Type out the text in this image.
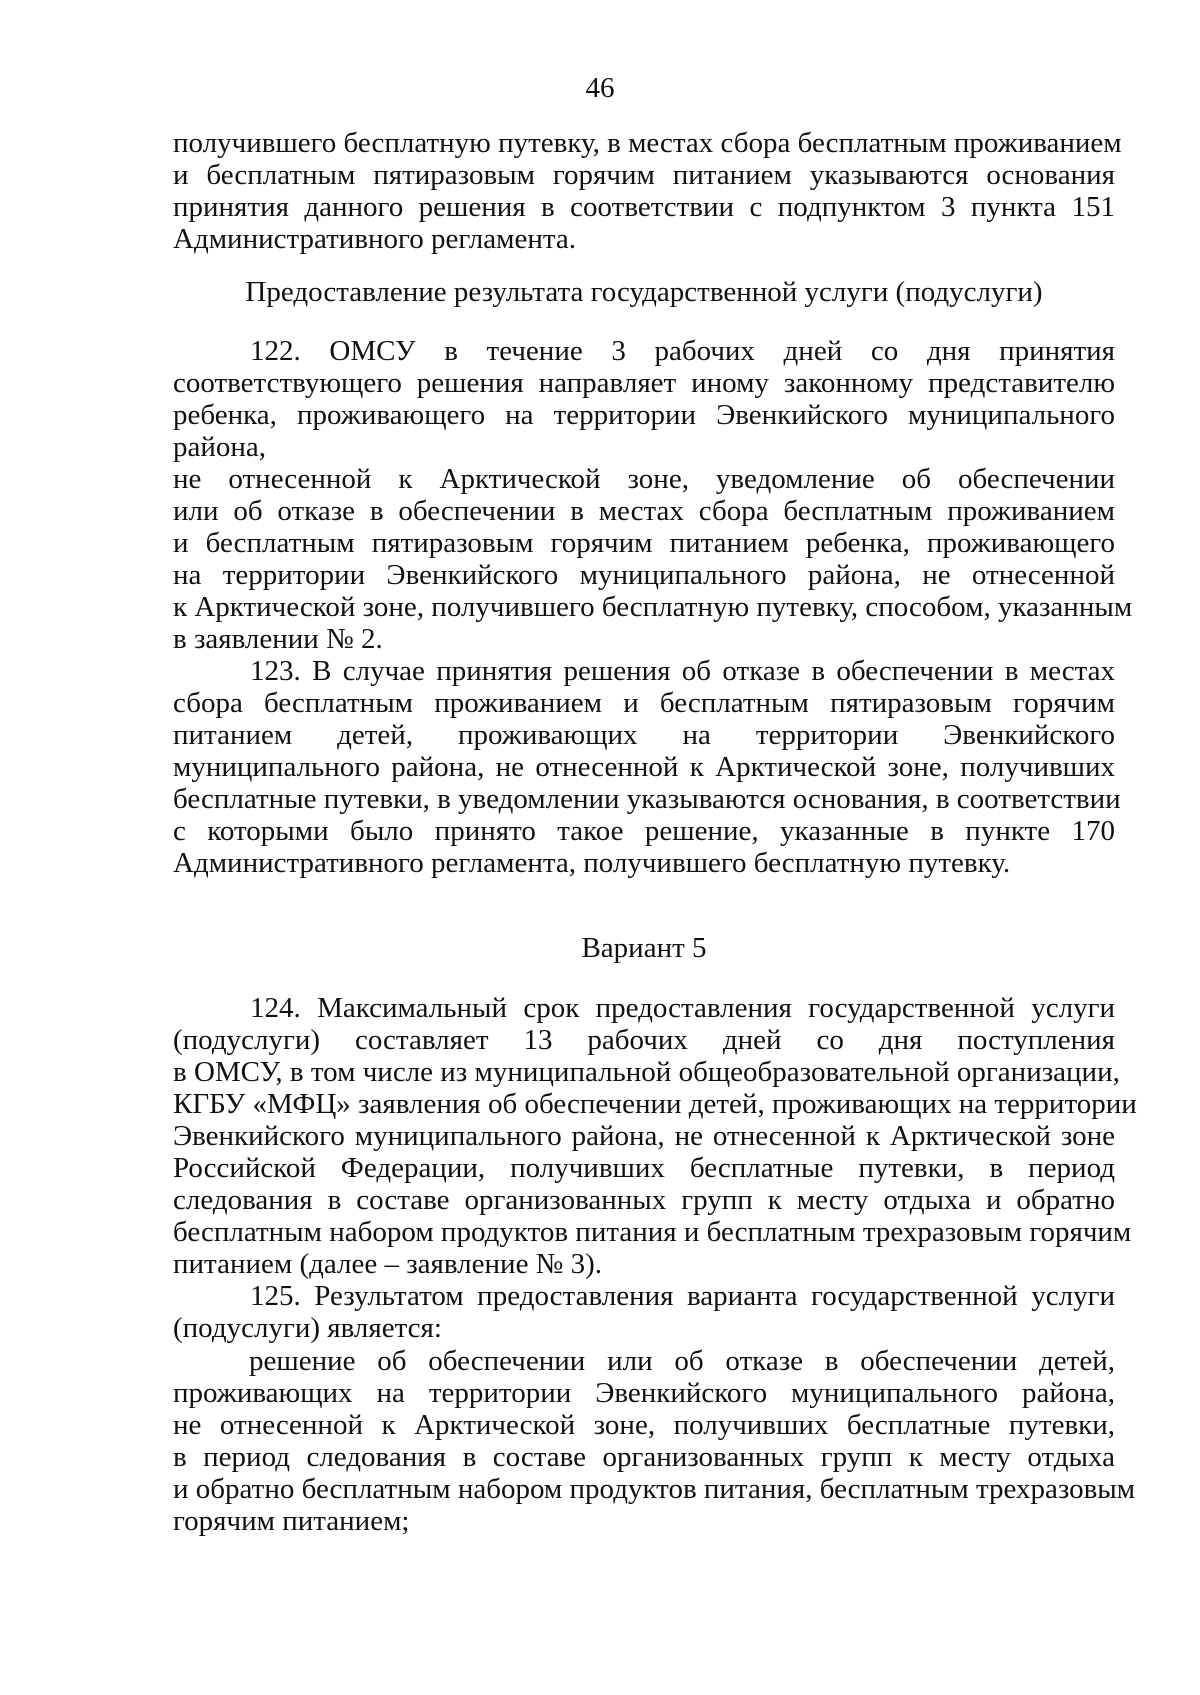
46
получившего бесплатную путевку, в местах сбора бесплатным проживанием
и бесплатным пятиразовым горячим питанием указываются основания
принятия данного решения в соответствии с подпунктом 3 пункта 151
Административного регламента.
Предоставление результата государственной услуги (подуслуги)
122. ОМСУ в течение 3 рабочих дней со дня принятия
соответствующего решения направляет иному законному представителю
ребенка, проживающего на территории Эвенкийского муниципального
района,
не отнесенной к Арктической зоне, уведомление об обеспечении
или об отказе в обеспечении в местах сбора бесплатным проживанием
и бесплатным пятиразовым горячим питанием ребенка, проживающего
на территории Эвенкийского муниципального района, не отнесенной
к Арктической зоне, получившего бесплатную путевку, способом, указанным
в заявлении № 2.
123. В случае принятия решения об отказе в обеспечении в местах
сбора бесплатным проживанием и бесплатным пятиразовым горячим
питанием детей, проживающих на территории Эвенкийского
муниципального района, не отнесенной к Арктической зоне, получивших
бесплатные путевки, в уведомлении указываются основания, в соответствии
с которыми было принято такое решение, указанные в пункте 170
Административного регламента, получившего бесплатную путевку.
Вариант 5
124. Максимальный срок предоставления государственной услуги
(подуслуги) составляет 13 рабочих дней со дня поступления
в ОМСУ, в том числе из муниципальной общеобразовательной организации,
КГБУ «МФЦ» заявления об обеспечении детей, проживающих на территории
Эвенкийского муниципального района, не отнесенной к Арктической зоне
Российской Федерации, получивших бесплатные путевки, в период
следования в составе организованных групп к месту отдыха и обратно
бесплатным набором продуктов питания и бесплатным трехразовым горячим
питанием (далее – заявление № 3).
125. Результатом предоставления варианта государственной услуги
(подуслуги) является:
решение об обеспечении или об отказе в обеспечении детей,
проживающих на территории Эвенкийского муниципального района,
не отнесенной к Арктической зоне, получивших бесплатные путевки,
в период следования в составе организованных групп к месту отдыха
и обратно бесплатным набором продуктов питания, бесплатным трехразовым
горячим питанием;
